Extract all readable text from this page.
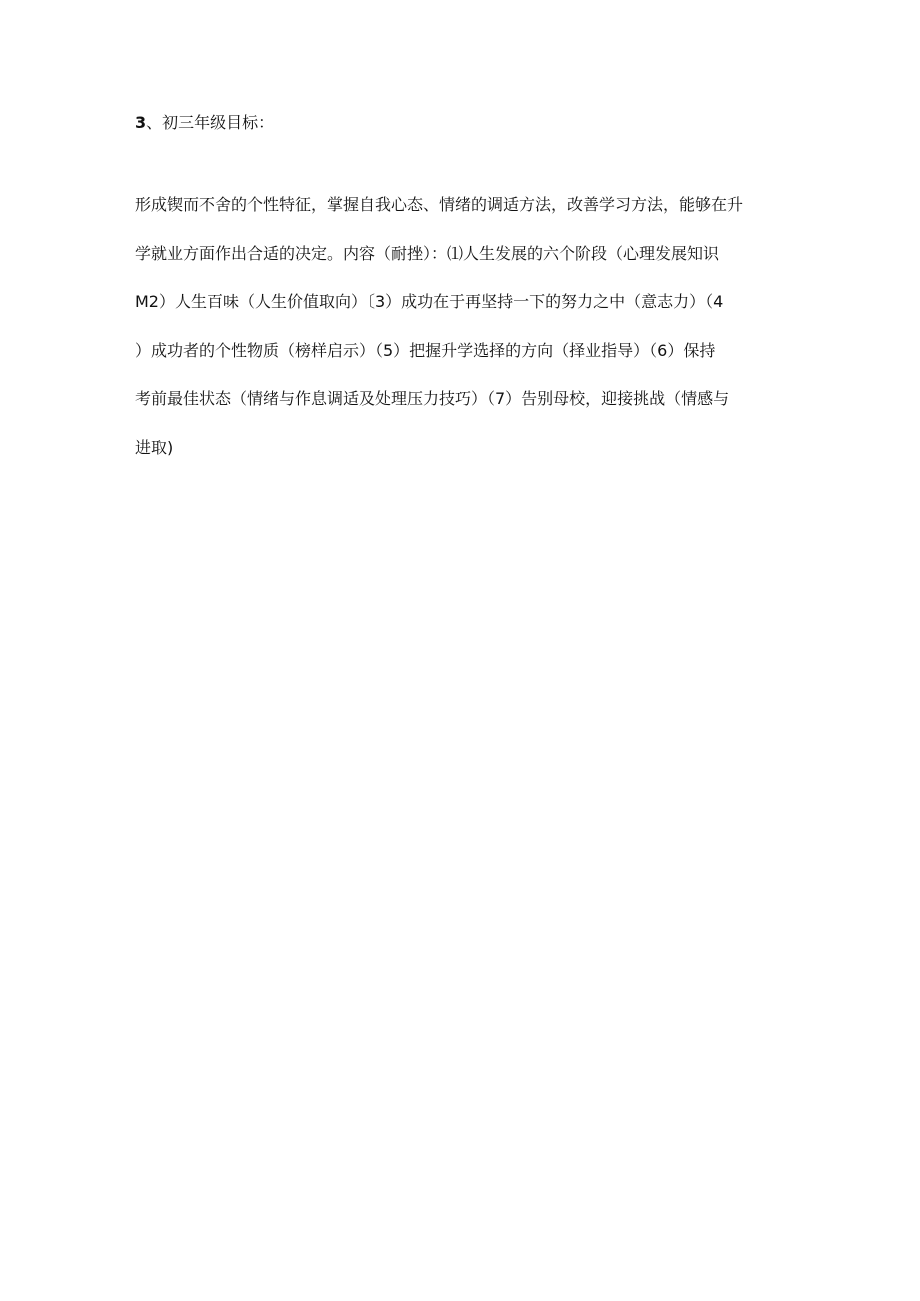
3、初三年级目标：
形成锲而不舍的个性特征，掌握自我心态、情绪的调适方法，改善学习方法，能够在升
学就业方面作出合适的决定。内容（耐挫）：⑴人生发展的六个阶段（心理发展知识
M2）人生百味（人生价值取向）〔3）成功在于再坚持一下的努力之中（意志力）（4
）成功者的个性物质（榜样启示）（5）把握升学选择的方向（择业指导）（6）保持
考前最佳状态（情绪与作息调适及处理压力技巧）（7）告别母校，迎接挑战（情感与
进取)
